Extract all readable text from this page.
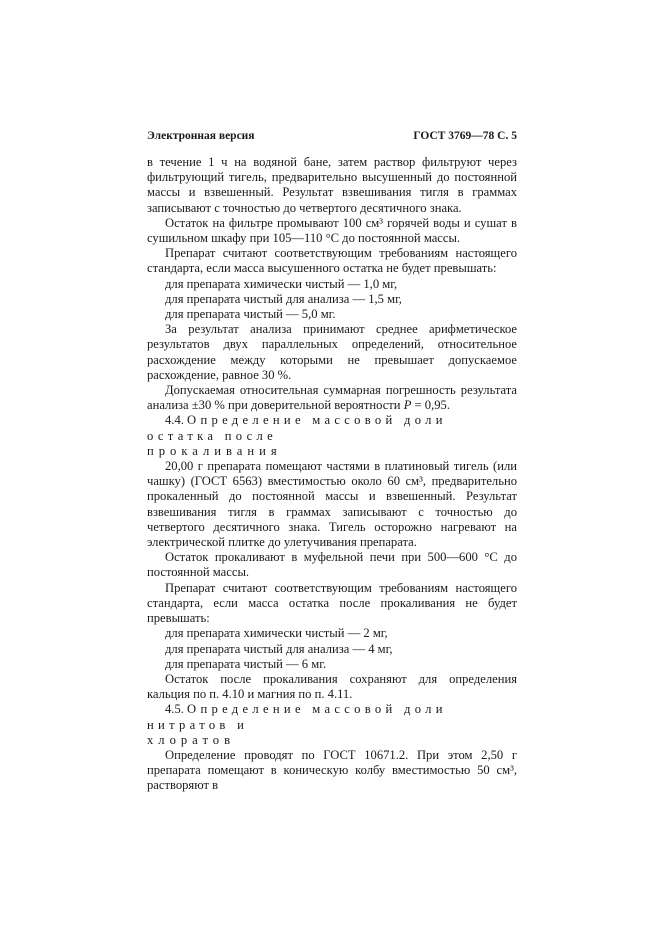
Электронная версия	ГОСТ 3769—78 С. 5

в течение 1 ч на водяной бане, затем раствор фильтруют через фильтрующий тигель, предварительно высушенный до постоянной массы и взвешенный. Результат взвешивания тигля в граммах записывают с точностью до четвертого десятичного знака.

Остаток на фильтре промывают 100 см³ горячей воды и сушат в сушильном шкафу при 105—110 °С до постоянной массы.

Препарат считают соответствующим требованиям настоящего стандарта, если масса высушенного остатка не будет превышать:

для препарата химически чистый — 1,0 мг,

для препарата чистый для анализа — 1,5 мг,

для препарата чистый — 5,0 мг.

За результат анализа принимают среднее арифметическое результатов двух параллельных определений, относительное расхождение между которыми не превышает допускаемое расхождение, равное 30 %.

Допускаемая относительная суммарная погрешность результата анализа ±30 % при доверительной вероятности Р = 0,95.

4.4. Определение массовой доли остатка после

прокаливания

20,00 г препарата помещают частями в платиновый тигель (или чашку) (ГОСТ 6563) вместимостью около 60 см³, предварительно прокаленный до постоянной массы и взвешенный. Результат взвешивания тигля в граммах записывают с точностью до четвертого десятичного знака. Тигель осторожно нагревают на электрической плитке до улетучивания препарата.

Остаток прокаливают в муфельной печи при 500—600 °С до постоянной массы.

Препарат считают соответствующим требованиям настоящего стандарта, если масса остатка после прокаливания не будет превышать:

для препарата химически чистый — 2 мг,

для препарата чистый для анализа — 4 мг,

для препарата чистый — 6 мг.

Остаток после прокаливания сохраняют для определения кальция по п. 4.10 и магния по п. 4.11.

4.5. Определение массовой доли нитратов и

хлоратов

Определение проводят по ГОСТ 10671.2. При этом 2,50 г препарата помещают в коническую колбу вместимостью 50 см³, растворяют в
